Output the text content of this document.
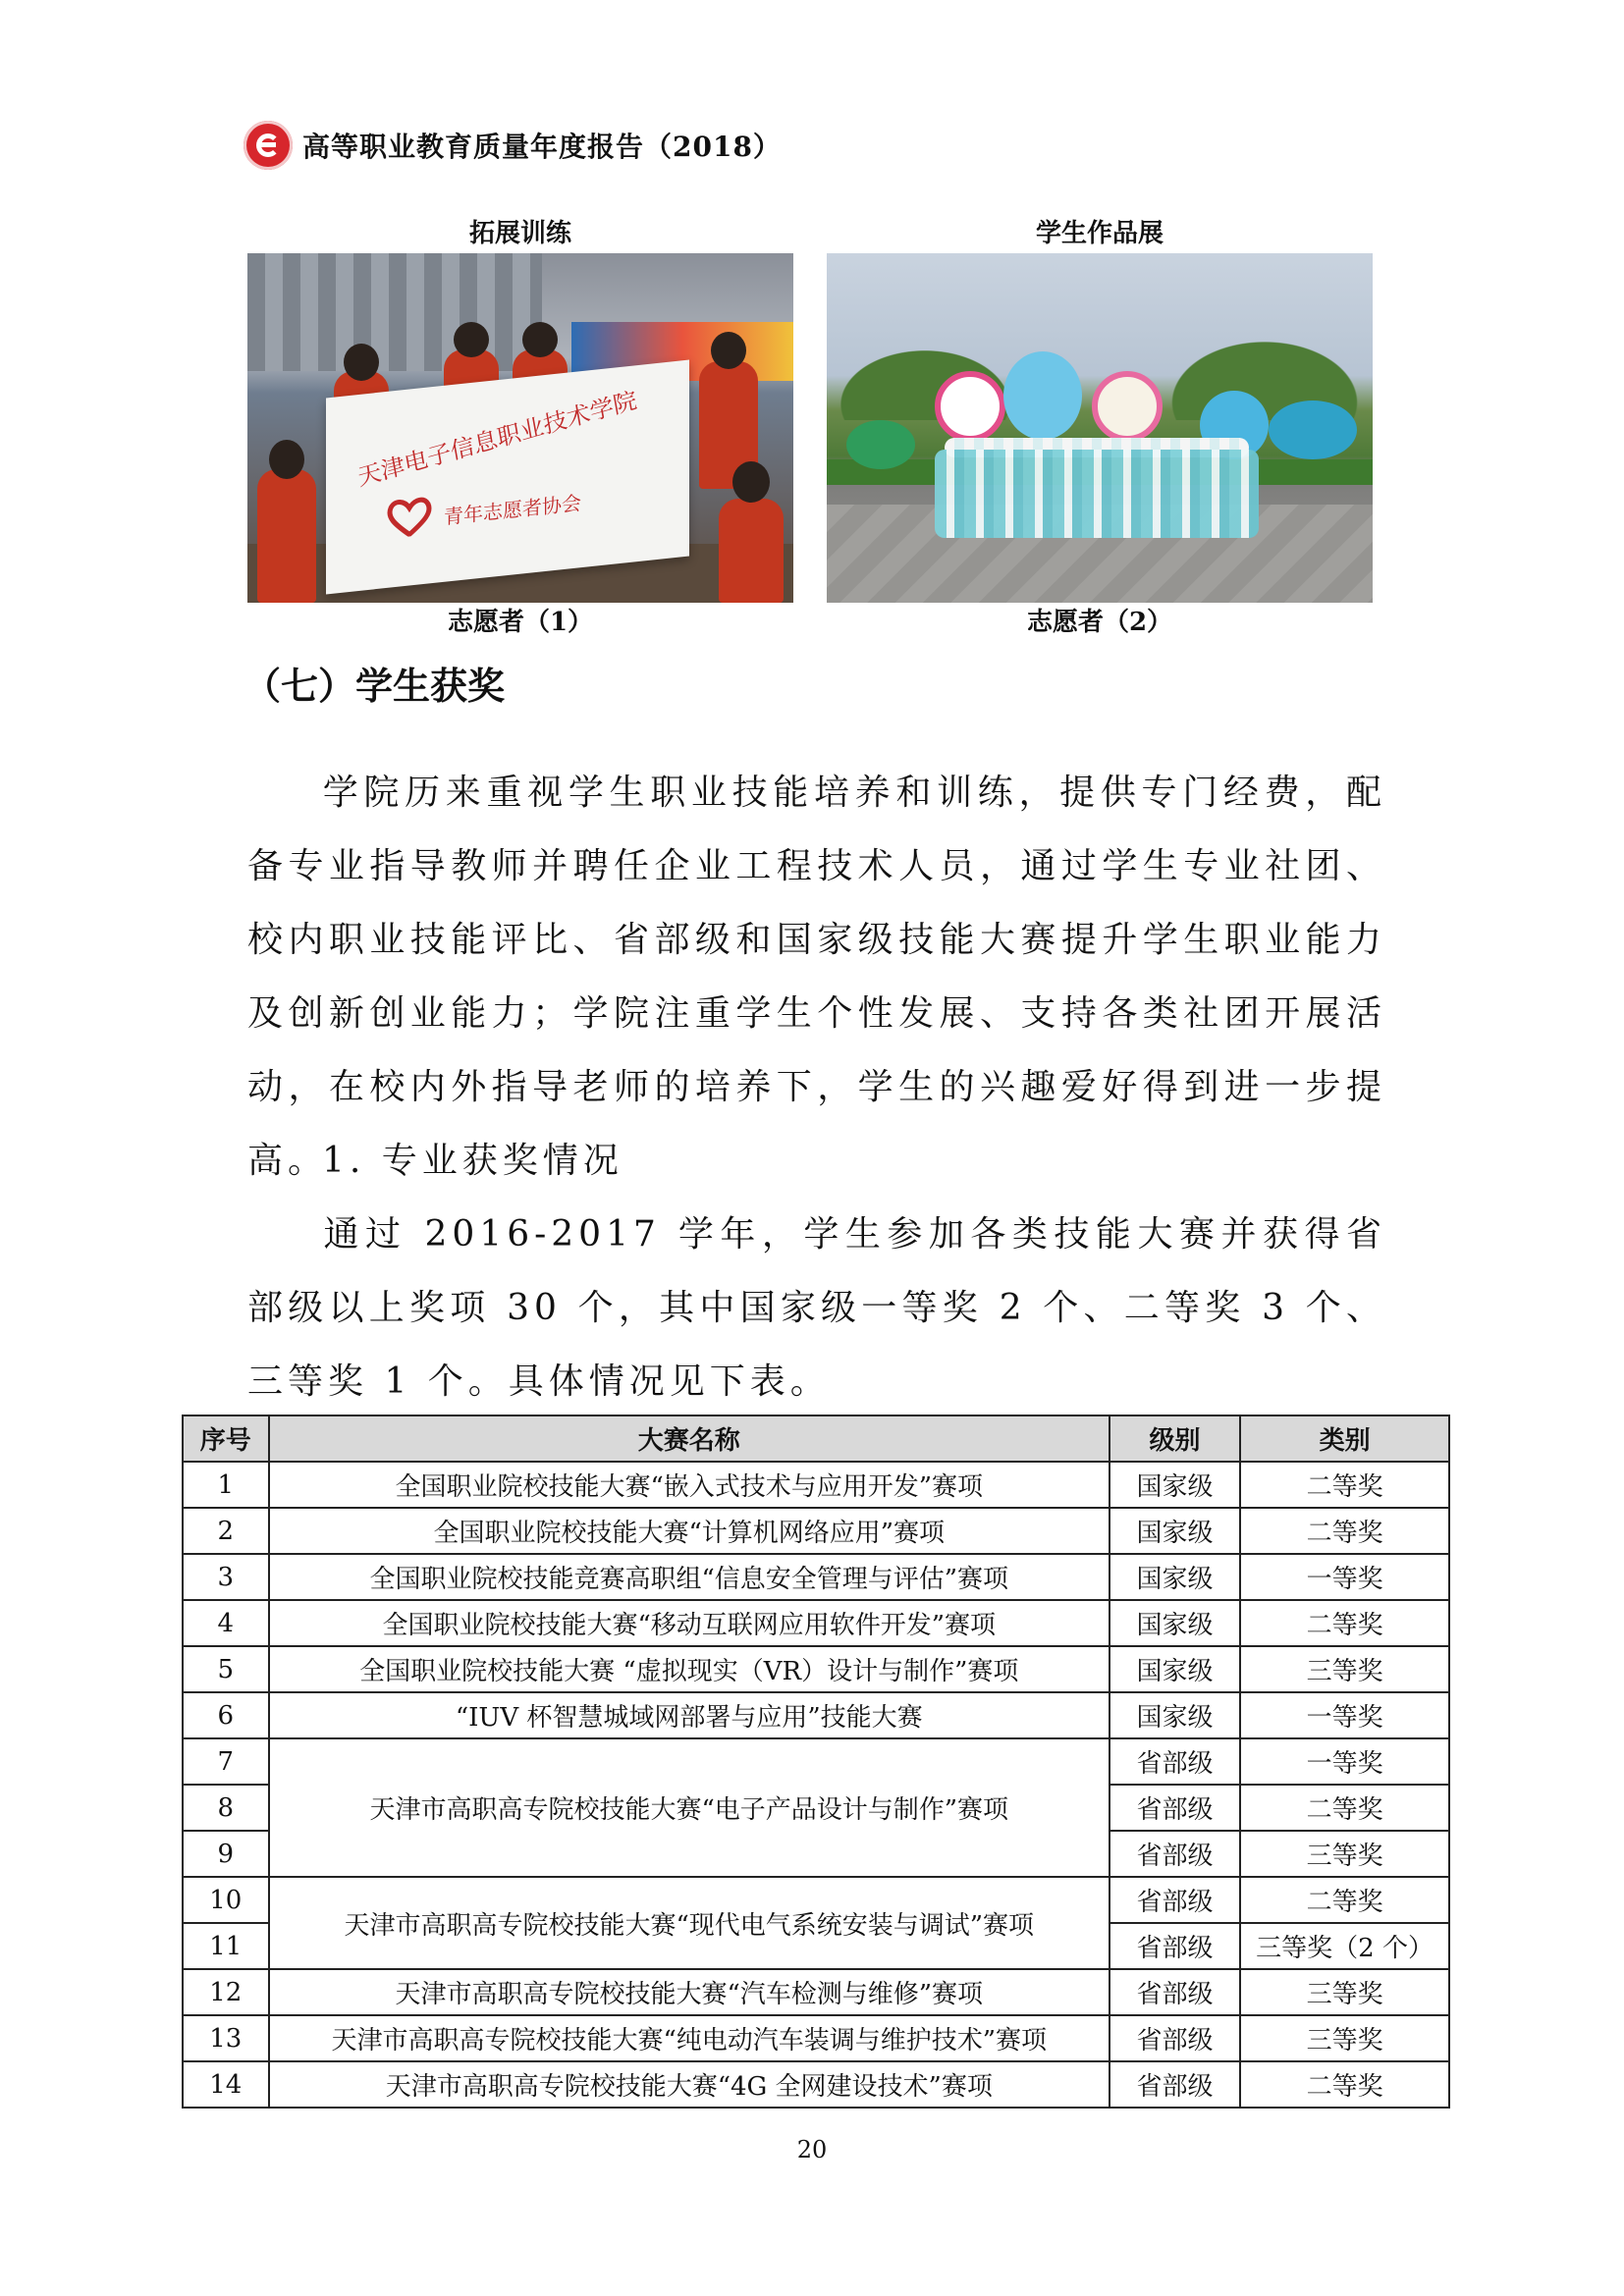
高等职业教育质量年度报告（2018）
拓展训练
天津电子信息职业技术学院
青年志愿者协会
志愿者（1）
学生作品展
志愿者（2）
（七）学生获奖
学院历来重视学生职业技能培养和训练，提供专门经费，配备专业指导教师并聘任企业工程技术人员，通过学生专业社团、校内职业技能评比、省部级和国家级技能大赛提升学生职业能力及创新创业能力；学院注重学生个性发展、支持各类社团开展活动，在校内外指导老师的培养下，学生的兴趣爱好得到进一步提高。
1. 专业获奖情况
通过 2016-2017 学年，学生参加各类技能大赛并获得省部级以上奖项 30 个，其中国家级一等奖 2 个、二等奖 3 个、三等奖 1 个。具体情况见下表。
序号	大赛名称	级别	类别
1	全国职业院校技能大赛“嵌入式技术与应用开发”赛项	国家级	二等奖
2	全国职业院校技能大赛“计算机网络应用”赛项	国家级	二等奖
3	全国职业院校技能竞赛高职组“信息安全管理与评估”赛项	国家级	一等奖
4	全国职业院校技能大赛“移动互联网应用软件开发”赛项	国家级	二等奖
5	全国职业院校技能大赛 “虚拟现实（VR）设计与制作”赛项	国家级	三等奖
6	“IUV 杯智慧城域网部署与应用”技能大赛	国家级	一等奖
7	天津市高职高专院校技能大赛“电子产品设计与制作”赛项	省部级	一等奖
8		省部级	二等奖
9		省部级	三等奖
10	天津市高职高专院校技能大赛“现代电气系统安装与调试”赛项	省部级	二等奖
11		省部级	三等奖（2 个）
12	天津市高职高专院校技能大赛“汽车检测与维修”赛项	省部级	三等奖
13	天津市高职高专院校技能大赛“纯电动汽车装调与维护技术”赛项	省部级	三等奖
14	天津市高职高专院校技能大赛“4G 全网建设技术”赛项	省部级	二等奖
20
